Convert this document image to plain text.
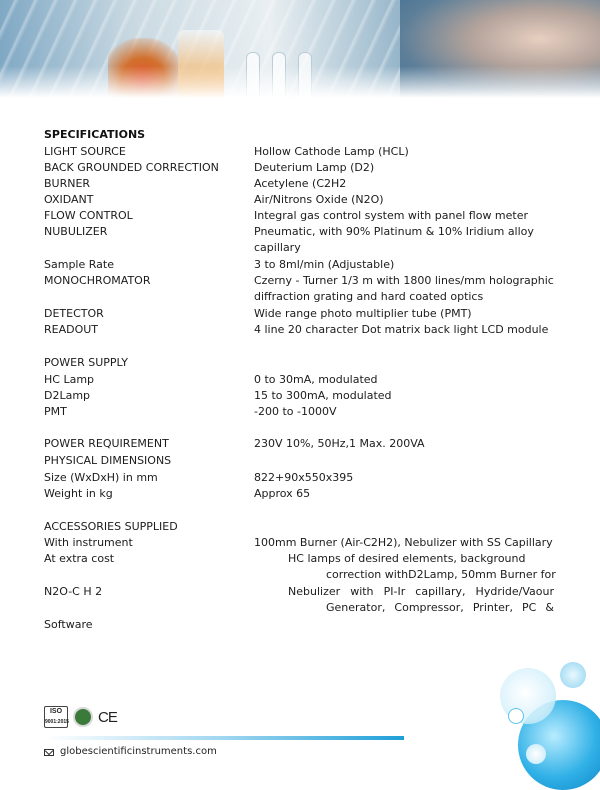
SPECIFICATIONS
LIGHT SOURCE	Hollow Cathode Lamp (HCL)
BACK GROUNDED CORRECTION	Deuterium Lamp (D2)
BURNER	Acetylene (C2H2
OXIDANT	Air/Nitrons Oxide (N2O)
FLOW CONTROL	Integral gas control system with panel flow meter
NUBULIZER	Pneumatic, with 90% Platinum & 10% Iridium alloy
capillary
Sample Rate	3 to 8ml/min (Adjustable)
MONOCHROMATOR	Czerny - Turner 1/3 m with 1800 lines/mm holographic
diffraction grating and hard coated optics
DETECTOR	Wide range photo multiplier tube (PMT)
READOUT	4 line 20 character Dot matrix back light LCD module
POWER SUPPLY
HC Lamp	0 to 30mA, modulated
D2Lamp	15 to 300mA, modulated
PMT	-200 to -1000V
POWER REQUIREMENT	230V 10%, 50Hz,1 Max. 200VA
PHYSICAL DIMENSIONS
Size (WxDxH) in mm	822+90x550x395
Weight in kg	Approx 65
ACCESSORIES SUPPLIED
With instrument	100mm Burner (Air-C2H2), Nebulizer with SS Capillary
At extra cost	HC lamps of desired elements, background
correction withD2Lamp, 50mm Burner for
N2O-C H 2	Nebulizer with PI-Ir capillary, Hydride/Vaour
Generator, Compressor, Printer, PC &
Software
ISO
9001:2015 CE
globescientificinstruments.com
